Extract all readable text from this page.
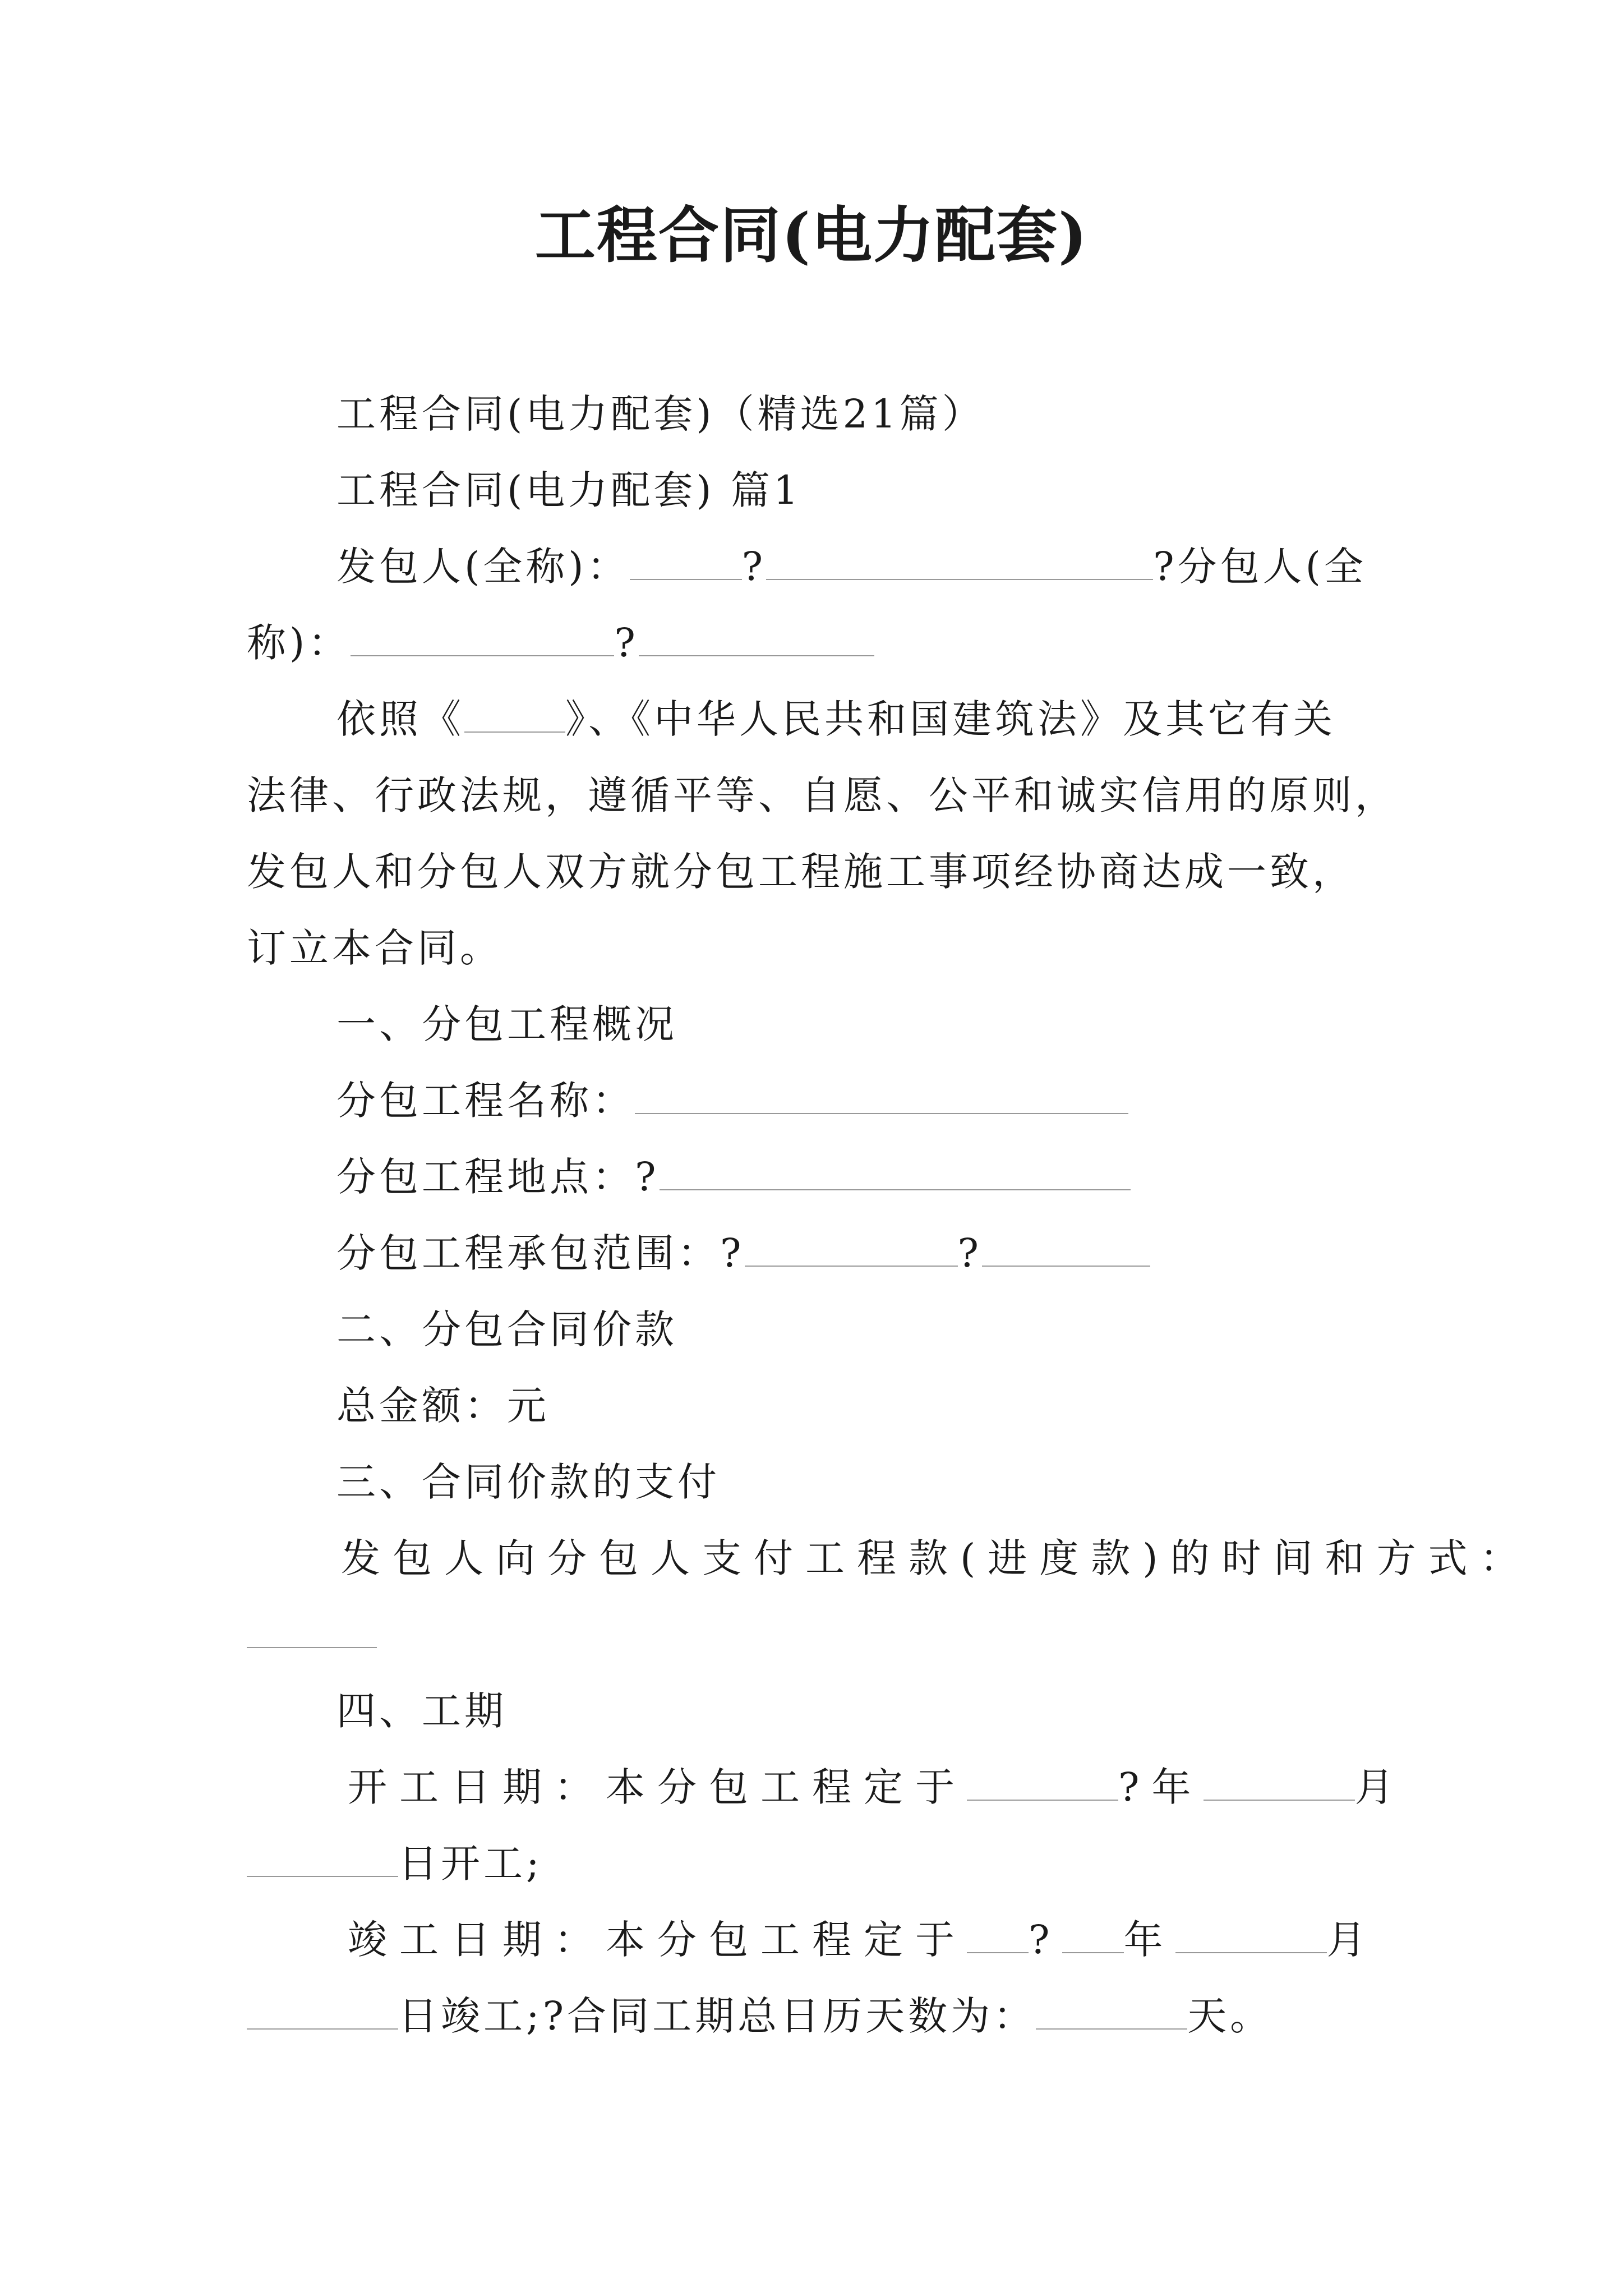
工程合同(电力配套)
工程合同(电力配套)（精选21篇）
工程合同(电力配套) 篇1
发包人(全称)：	?	?分包人(全
称)：	?
依照《	》、《中华人民共和国建筑法》及其它有关
法律、行政法规，遵循平等、自愿、公平和诚实信用的原则，
发包人和分包人双方就分包工程施工事项经协商达成一致，
订立本合同。
一、分包工程概况
分包工程名称：
分包工程地点：?
分包工程承包范围：?	?
二、分包合同价款
总金额：元
三、合同价款的支付
发包人向分包人支付工程款(进度款)的时间和方式：
四、工期
开工日期：本分包工程定于	?年	月
日开工;
竣工日期：本分包工程定于 ? 年	月
日竣工;?合同工期总日历天数为：	天。
